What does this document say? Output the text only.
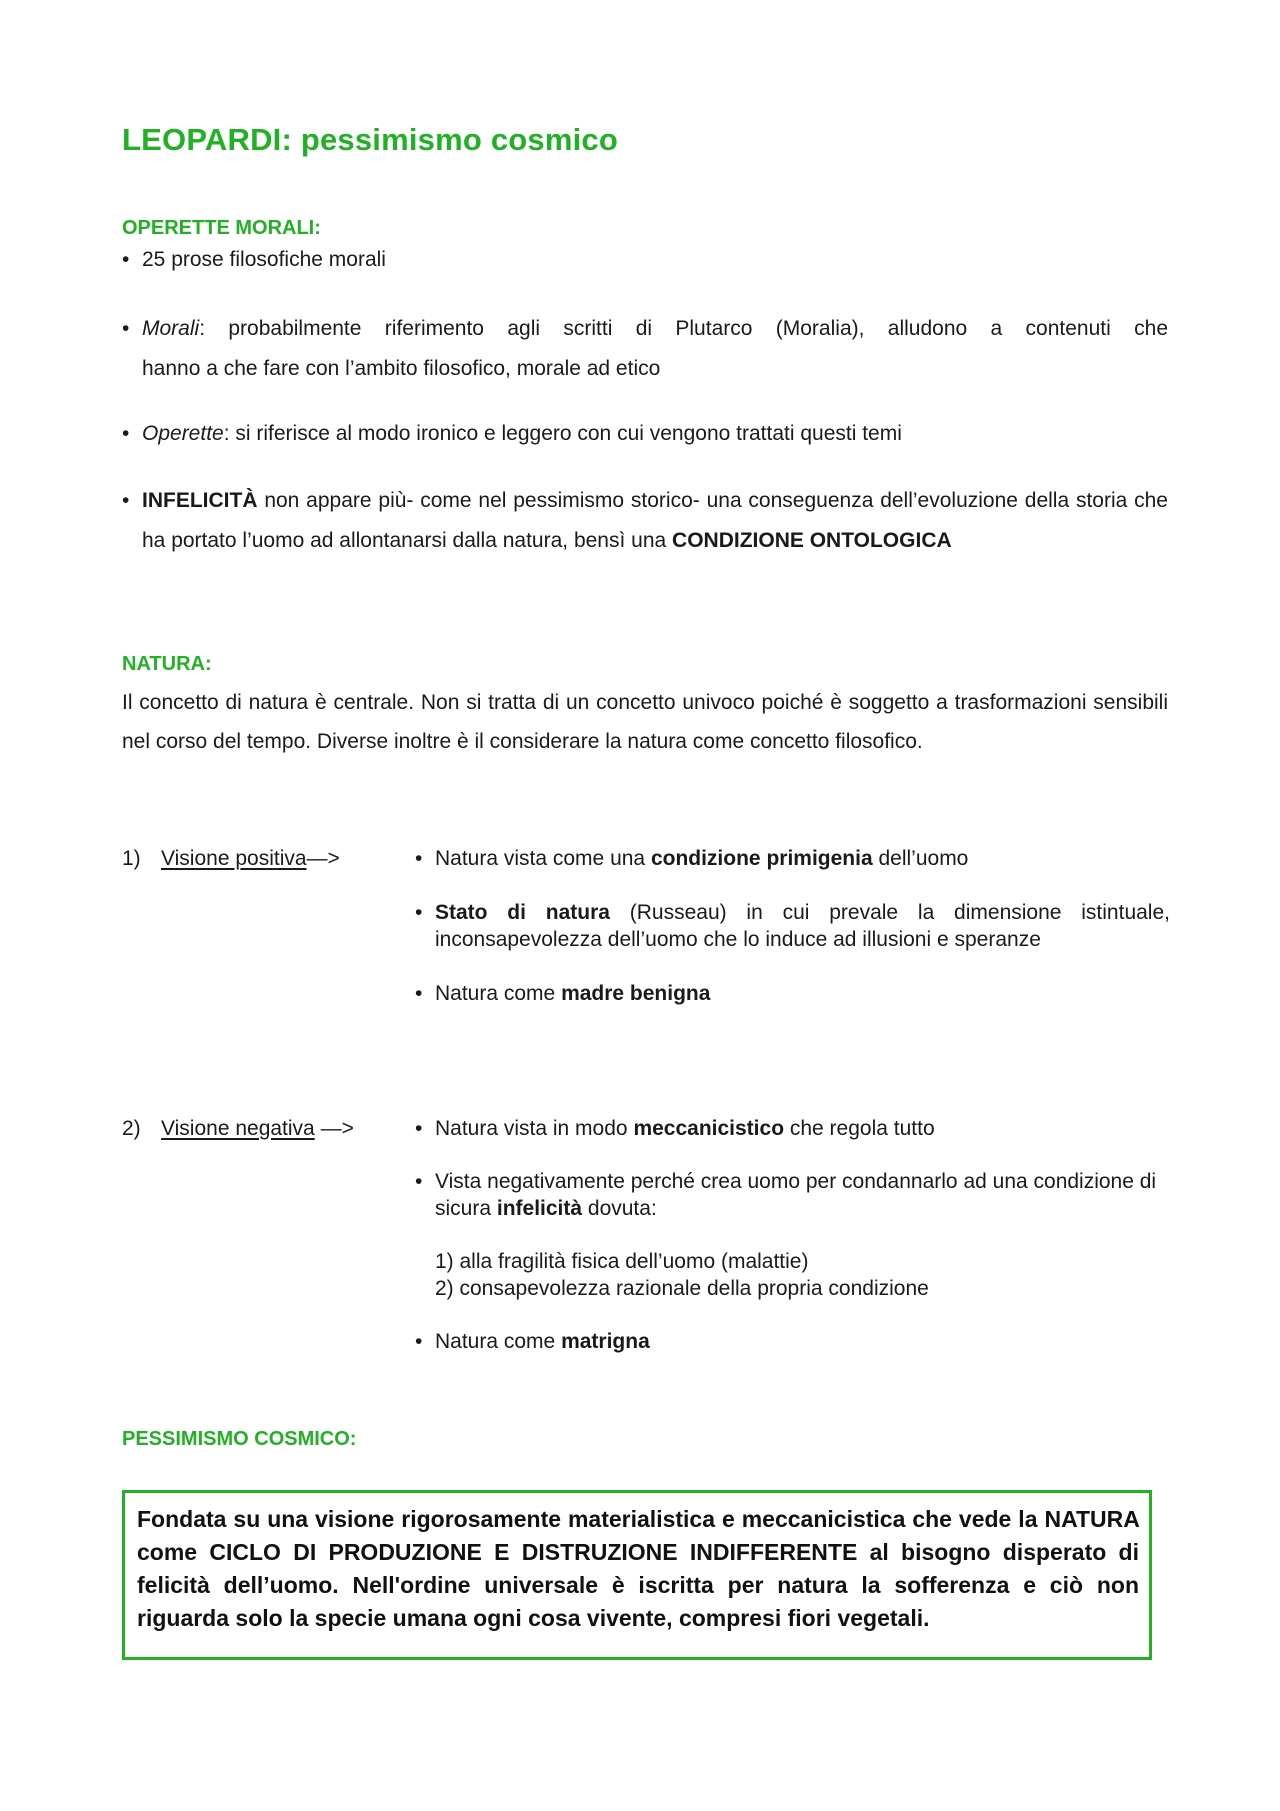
LEOPARDI: pessimismo cosmico
OPERETTE MORALI:
• 25 prose filosofiche morali
• Morali: probabilmente riferimento agli scritti di Plutarco (Moralia), alludono a contenuti che
hanno a che fare con l’ambito filosofico, morale ad etico
• Operette: si riferisce al modo ironico e leggero con cui vengono trattati questi temi
• INFELICITÀ non appare più- come nel pessimismo storico- una conseguenza dell’evoluzione della storia che ha portato l’uomo ad allontanarsi dalla natura, bensì una CONDIZIONE ONTOLOGICA
NATURA:

Il concetto di natura è centrale. Non si tratta di un concetto univoco poiché è soggetto a trasformazioni sensibili nel corso del tempo. Diverse inoltre è il considerare la natura come concetto filosofico.

1) Visione positiva—>	• Natura vista come una condizione primigenia dell’uomo
• Stato di natura (Russeau) in cui prevale la dimensione istintuale, inconsapevolezza dell’uomo che lo induce ad illusioni e speranze
• Natura come madre benigna
2) Visione negativa —>	• Natura vista in modo meccanicistico che regola tutto
• Vista negativamente perché crea uomo per condannarlo ad una condizione di sicura infelicità dovuta:
1) alla fragilità fisica dell’uomo (malattie)
2) consapevolezza razionale della propria condizione
• Natura come matrigna
PESSIMISMO COSMICO:

Fondata su una visione rigorosamente materialistica e meccanicistica che vede la NATURA come CICLO DI PRODUZIONE E DISTRUZIONE INDIFFERENTE al bisogno disperato di felicità dell’uomo. Nell'ordine universale è iscritta per natura la sofferenza e ciò non riguarda solo la specie umana ogni cosa vivente, compresi fiori vegetali.
